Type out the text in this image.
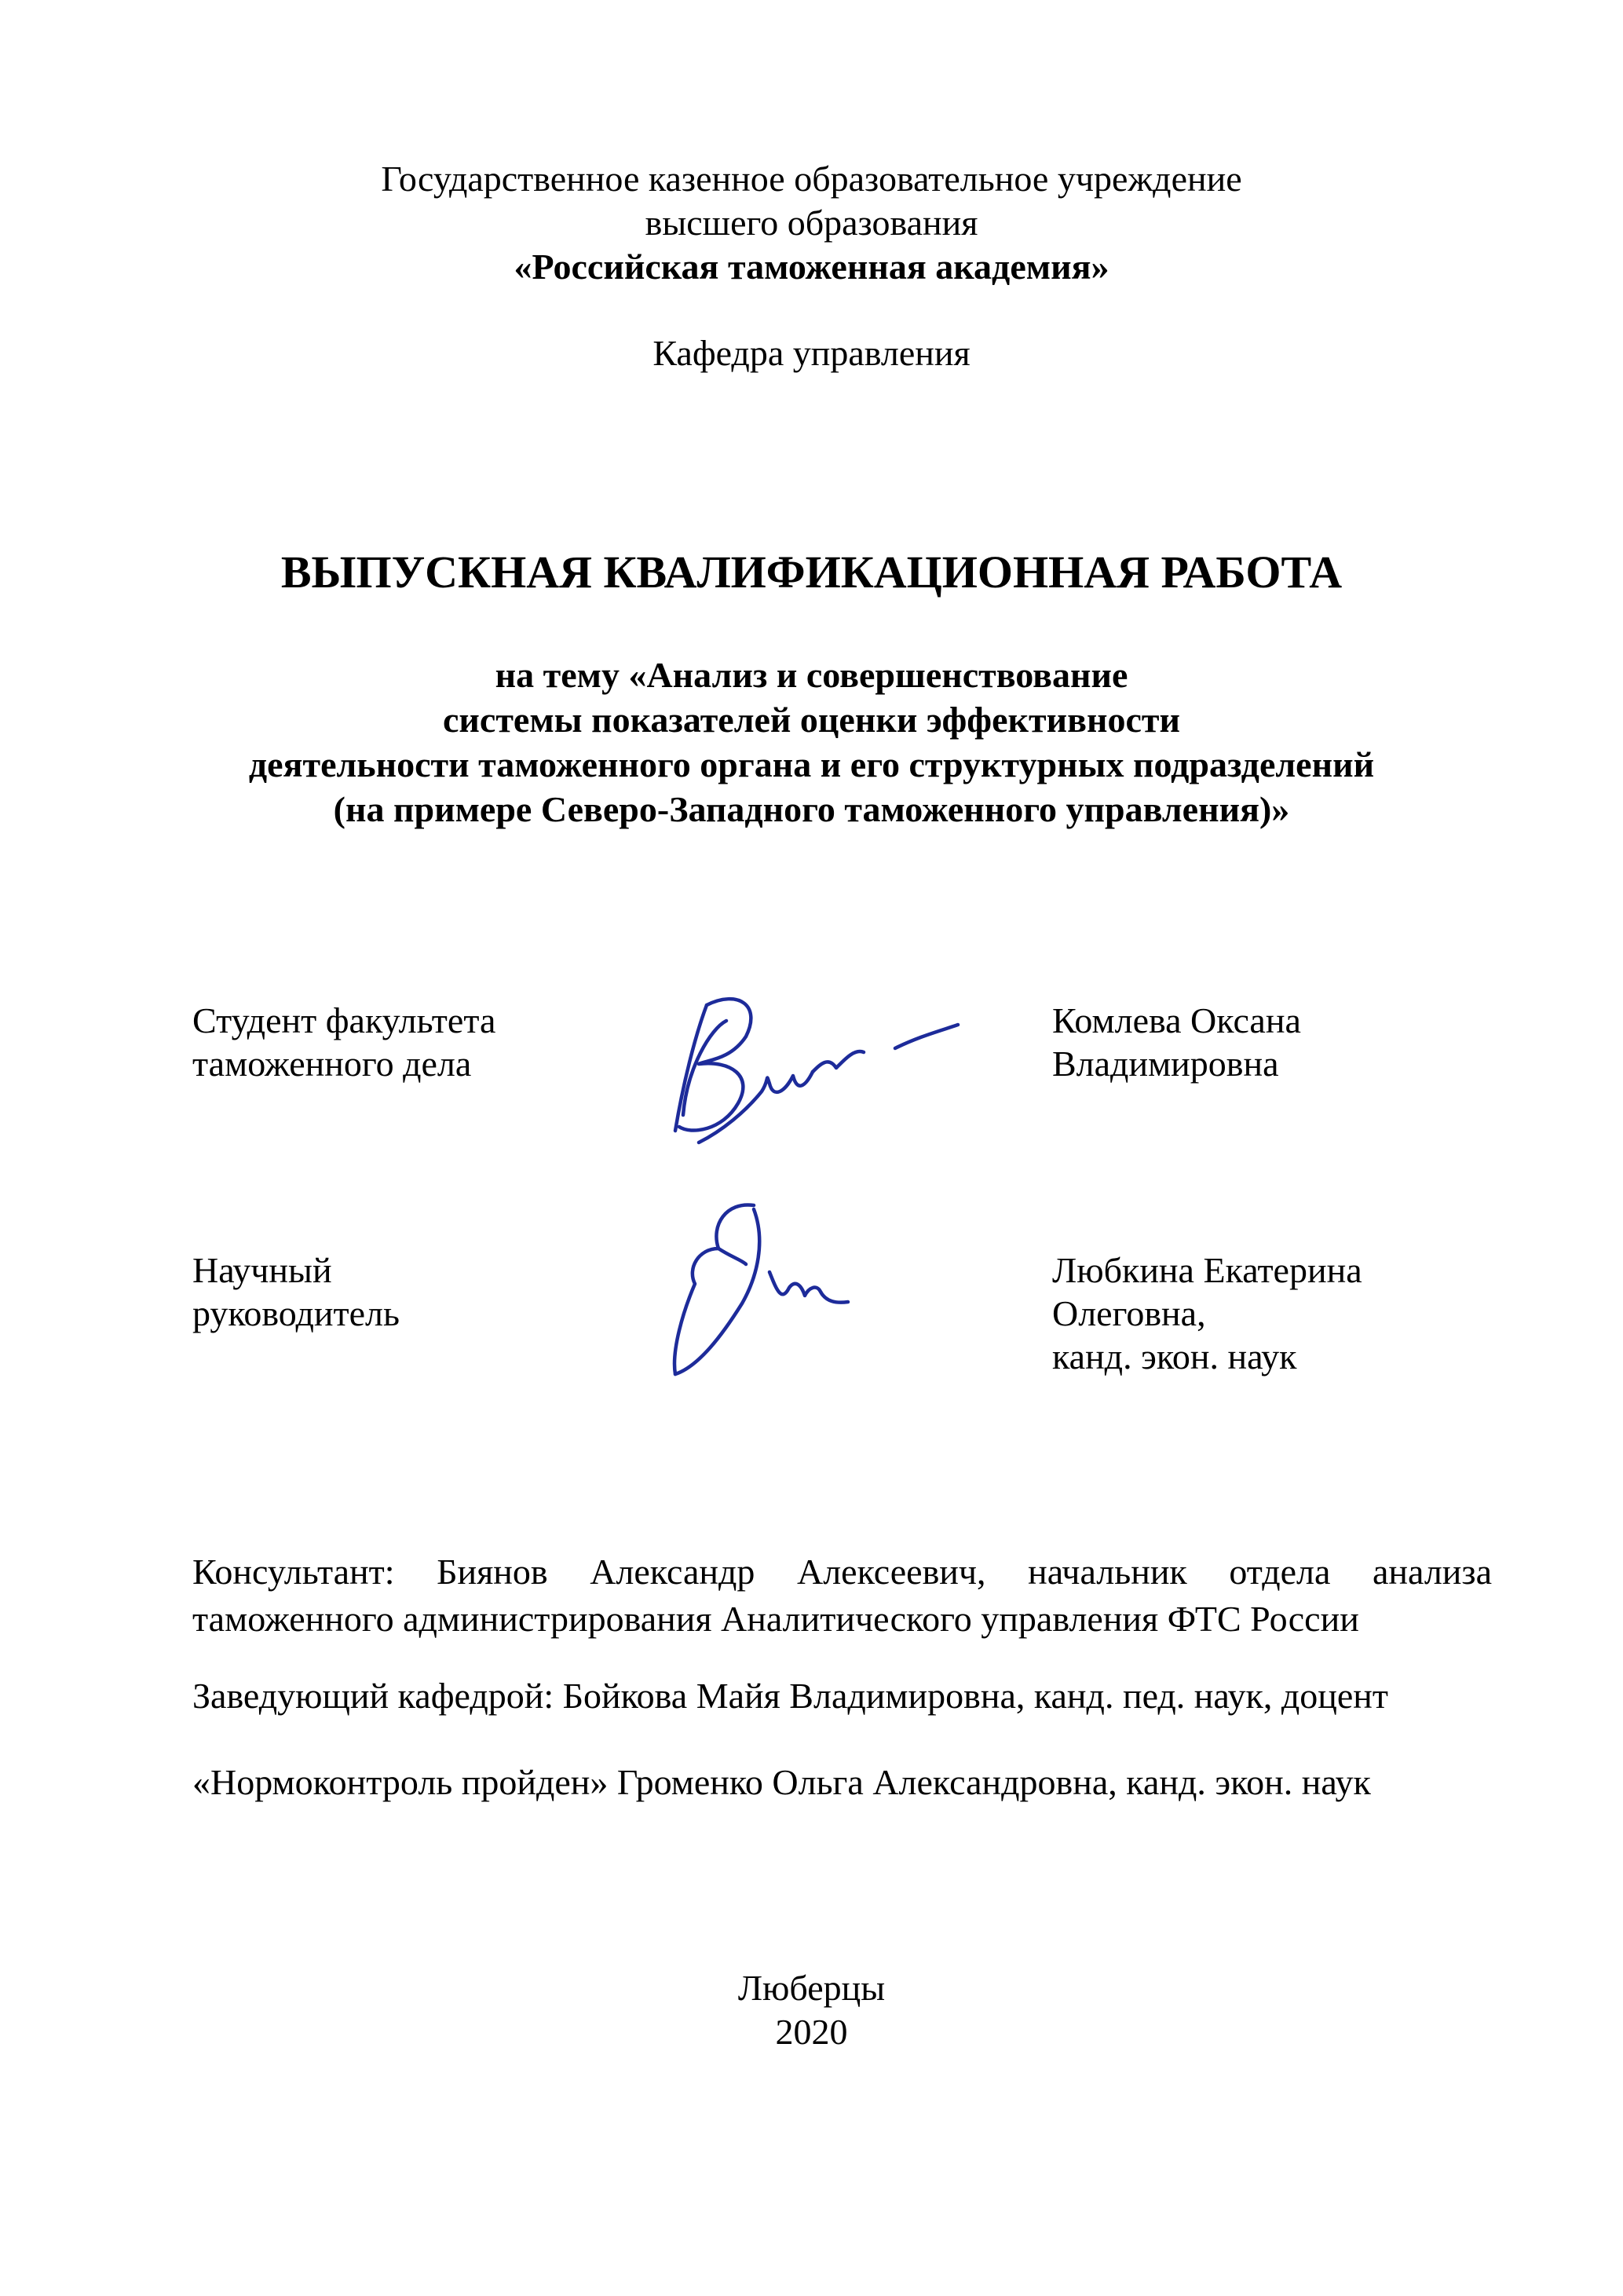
Государственное казенное образовательное учреждение
высшего образования
«Российская таможенная академия»
Кафедра управления
ВЫПУСКНАЯ КВАЛИФИКАЦИОННАЯ РАБОТА
на тему «Анализ и совершенствование
системы показателей оценки эффективности
деятельности таможенного органа и его структурных подразделений
(на примере Северо-Западного таможенного управления)»
Студент факультета
таможенного дела
Комлева Оксана
Владимировна
Научный
руководитель
Любкина Екатерина
Олеговна,
канд. экон. наук
Консультант: Биянов Александр Алексеевич, начальник отдела анализа таможенного администрирования Аналитического управления ФТС России
Заведующий кафедрой: Бойкова Майя Владимировна, канд. пед. наук, доцент
«Нормоконтроль пройден» Громенко Ольга Александровна, канд. экон. наук
Люберцы
2020
